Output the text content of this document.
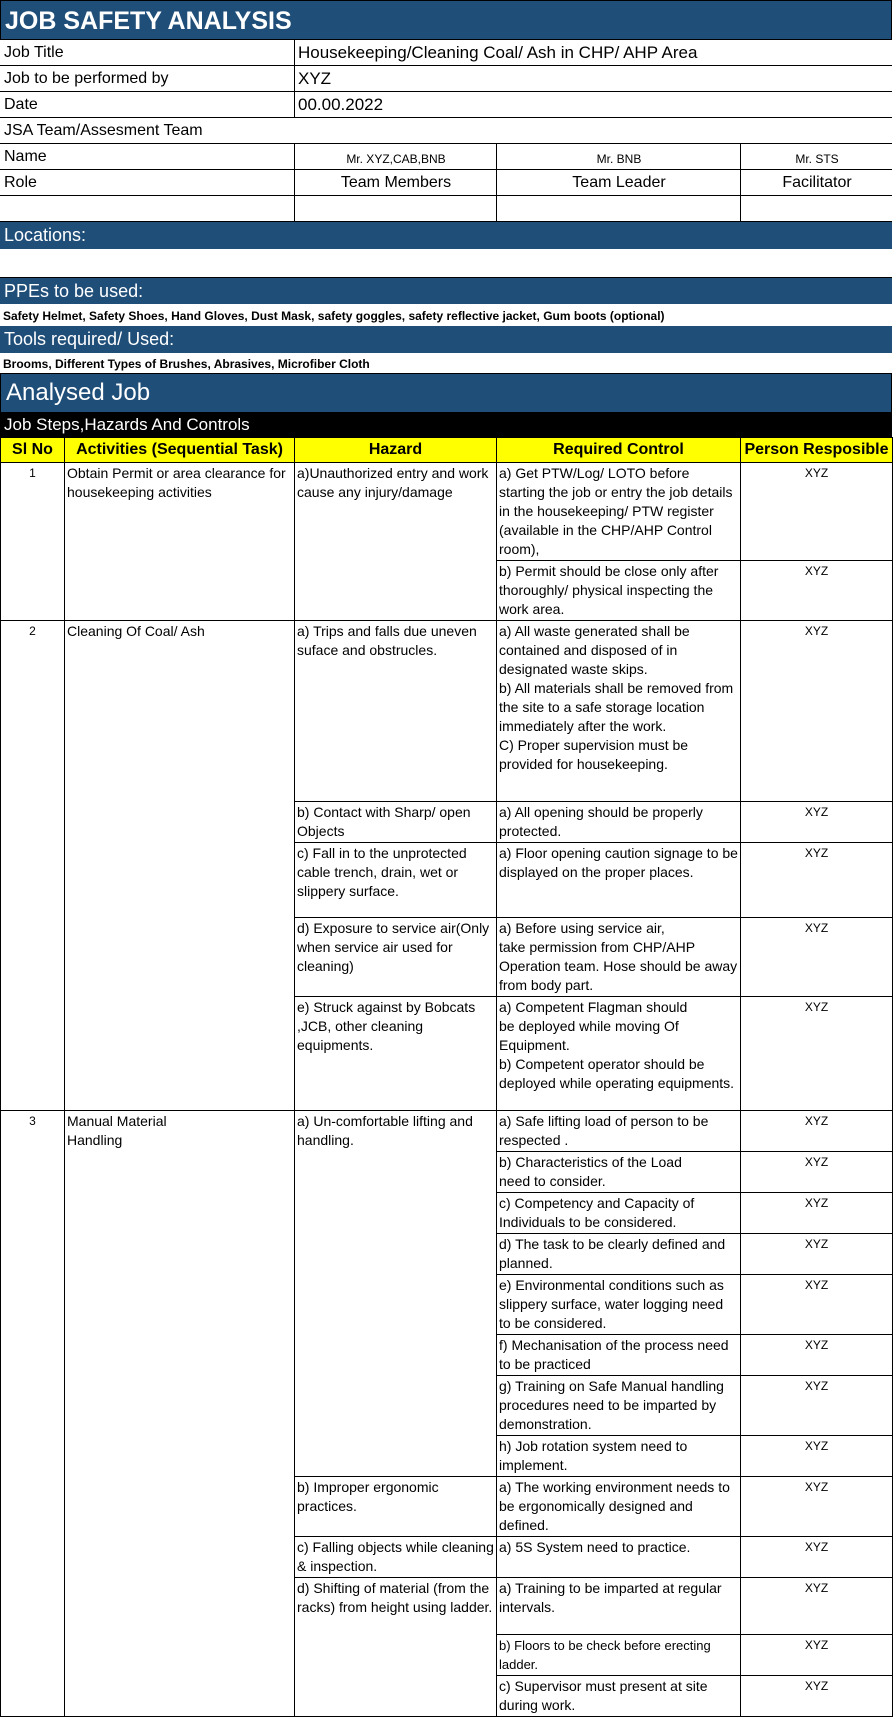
JOB SAFETY ANALYSIS
Job Title	Housekeeping/Cleaning Coal/ Ash in CHP/ AHP Area
Job to be performed by	XYZ
Date	00.00.2022
JSA Team/Assesment Team
Name	Mr. XYZ,CAB,BNB	Mr. BNB	Mr. STS
Role	Team Members	Team Leader	Facilitator
Locations:
PPEs to be used:
Safety Helmet, Safety Shoes, Hand Gloves, Dust Mask, safety goggles, safety reflective jacket, Gum boots (optional)
Tools required/ Used:
Brooms, Different Types of Brushes, Abrasives, Microfiber Cloth
Analysed Job
Job Steps,Hazards And Controls
Sl No	Activities (Sequential Task)	Hazard	Required Control	Person Resposible
1	Obtain Permit or area clearance for housekeeping activities	a)Unauthorized entry and work cause any injury/damage	a) Get PTW/Log/ LOTO before starting the job or entry the job details in the housekeeping/ PTW register (available in the CHP/AHP Control room),	XYZ
			b) Permit should be close only after thoroughly/ physical inspecting the work area.	XYZ
2	Cleaning Of Coal/ Ash	a) Trips and falls due uneven suface and obstrucles.	a) All waste generated shall be contained and disposed of in designated waste skips.
b) All materials shall be removed from the site to a safe storage location immediately after the work.
C) Proper supervision must be provided for housekeeping.	XYZ
		b) Contact with Sharp/ open Objects	a) All opening should be properly protected.	XYZ
		c) Fall in to the unprotected cable trench, drain, wet or slippery surface.	a) Floor opening caution signage to be displayed on the proper places.	XYZ
		d) Exposure to service air(Only when service air used for cleaning)	a) Before using service air,
take permission from CHP/AHP Operation team. Hose should be away from body part.	XYZ
		e) Struck against by Bobcats ,JCB, other cleaning equipments.	a) Competent Flagman should
be deployed while moving Of Equipment.
b) Competent operator should be deployed while operating equipments.	XYZ
3	Manual Material
Handling	a) Un-comfortable lifting and handling.	a) Safe lifting load of person to be respected .	XYZ
			b) Characteristics of the Load
need to consider.	XYZ
			c) Competency and Capacity of Individuals to be considered.	XYZ
			d) The task to be clearly defined and planned.	XYZ
			e) Environmental conditions such as slippery surface, water logging need to be considered.	XYZ
			f) Mechanisation of the process need to be practiced	XYZ
			g) Training on Safe Manual handling procedures need to be imparted by demonstration.	XYZ
			h) Job rotation system need to implement.	XYZ
		b) Improper ergonomic practices.	a) The working environment needs to be ergonomically designed and defined.	XYZ
		c) Falling objects while cleaning & inspection.	a) 5S System need to practice.	XYZ
		d) Shifting of material (from the racks) from height using ladder.	a) Training to be imparted at regular intervals.	XYZ
			b) Floors to be check before erecting ladder.	XYZ
			c) Supervisor must present at site during work.	XYZ
